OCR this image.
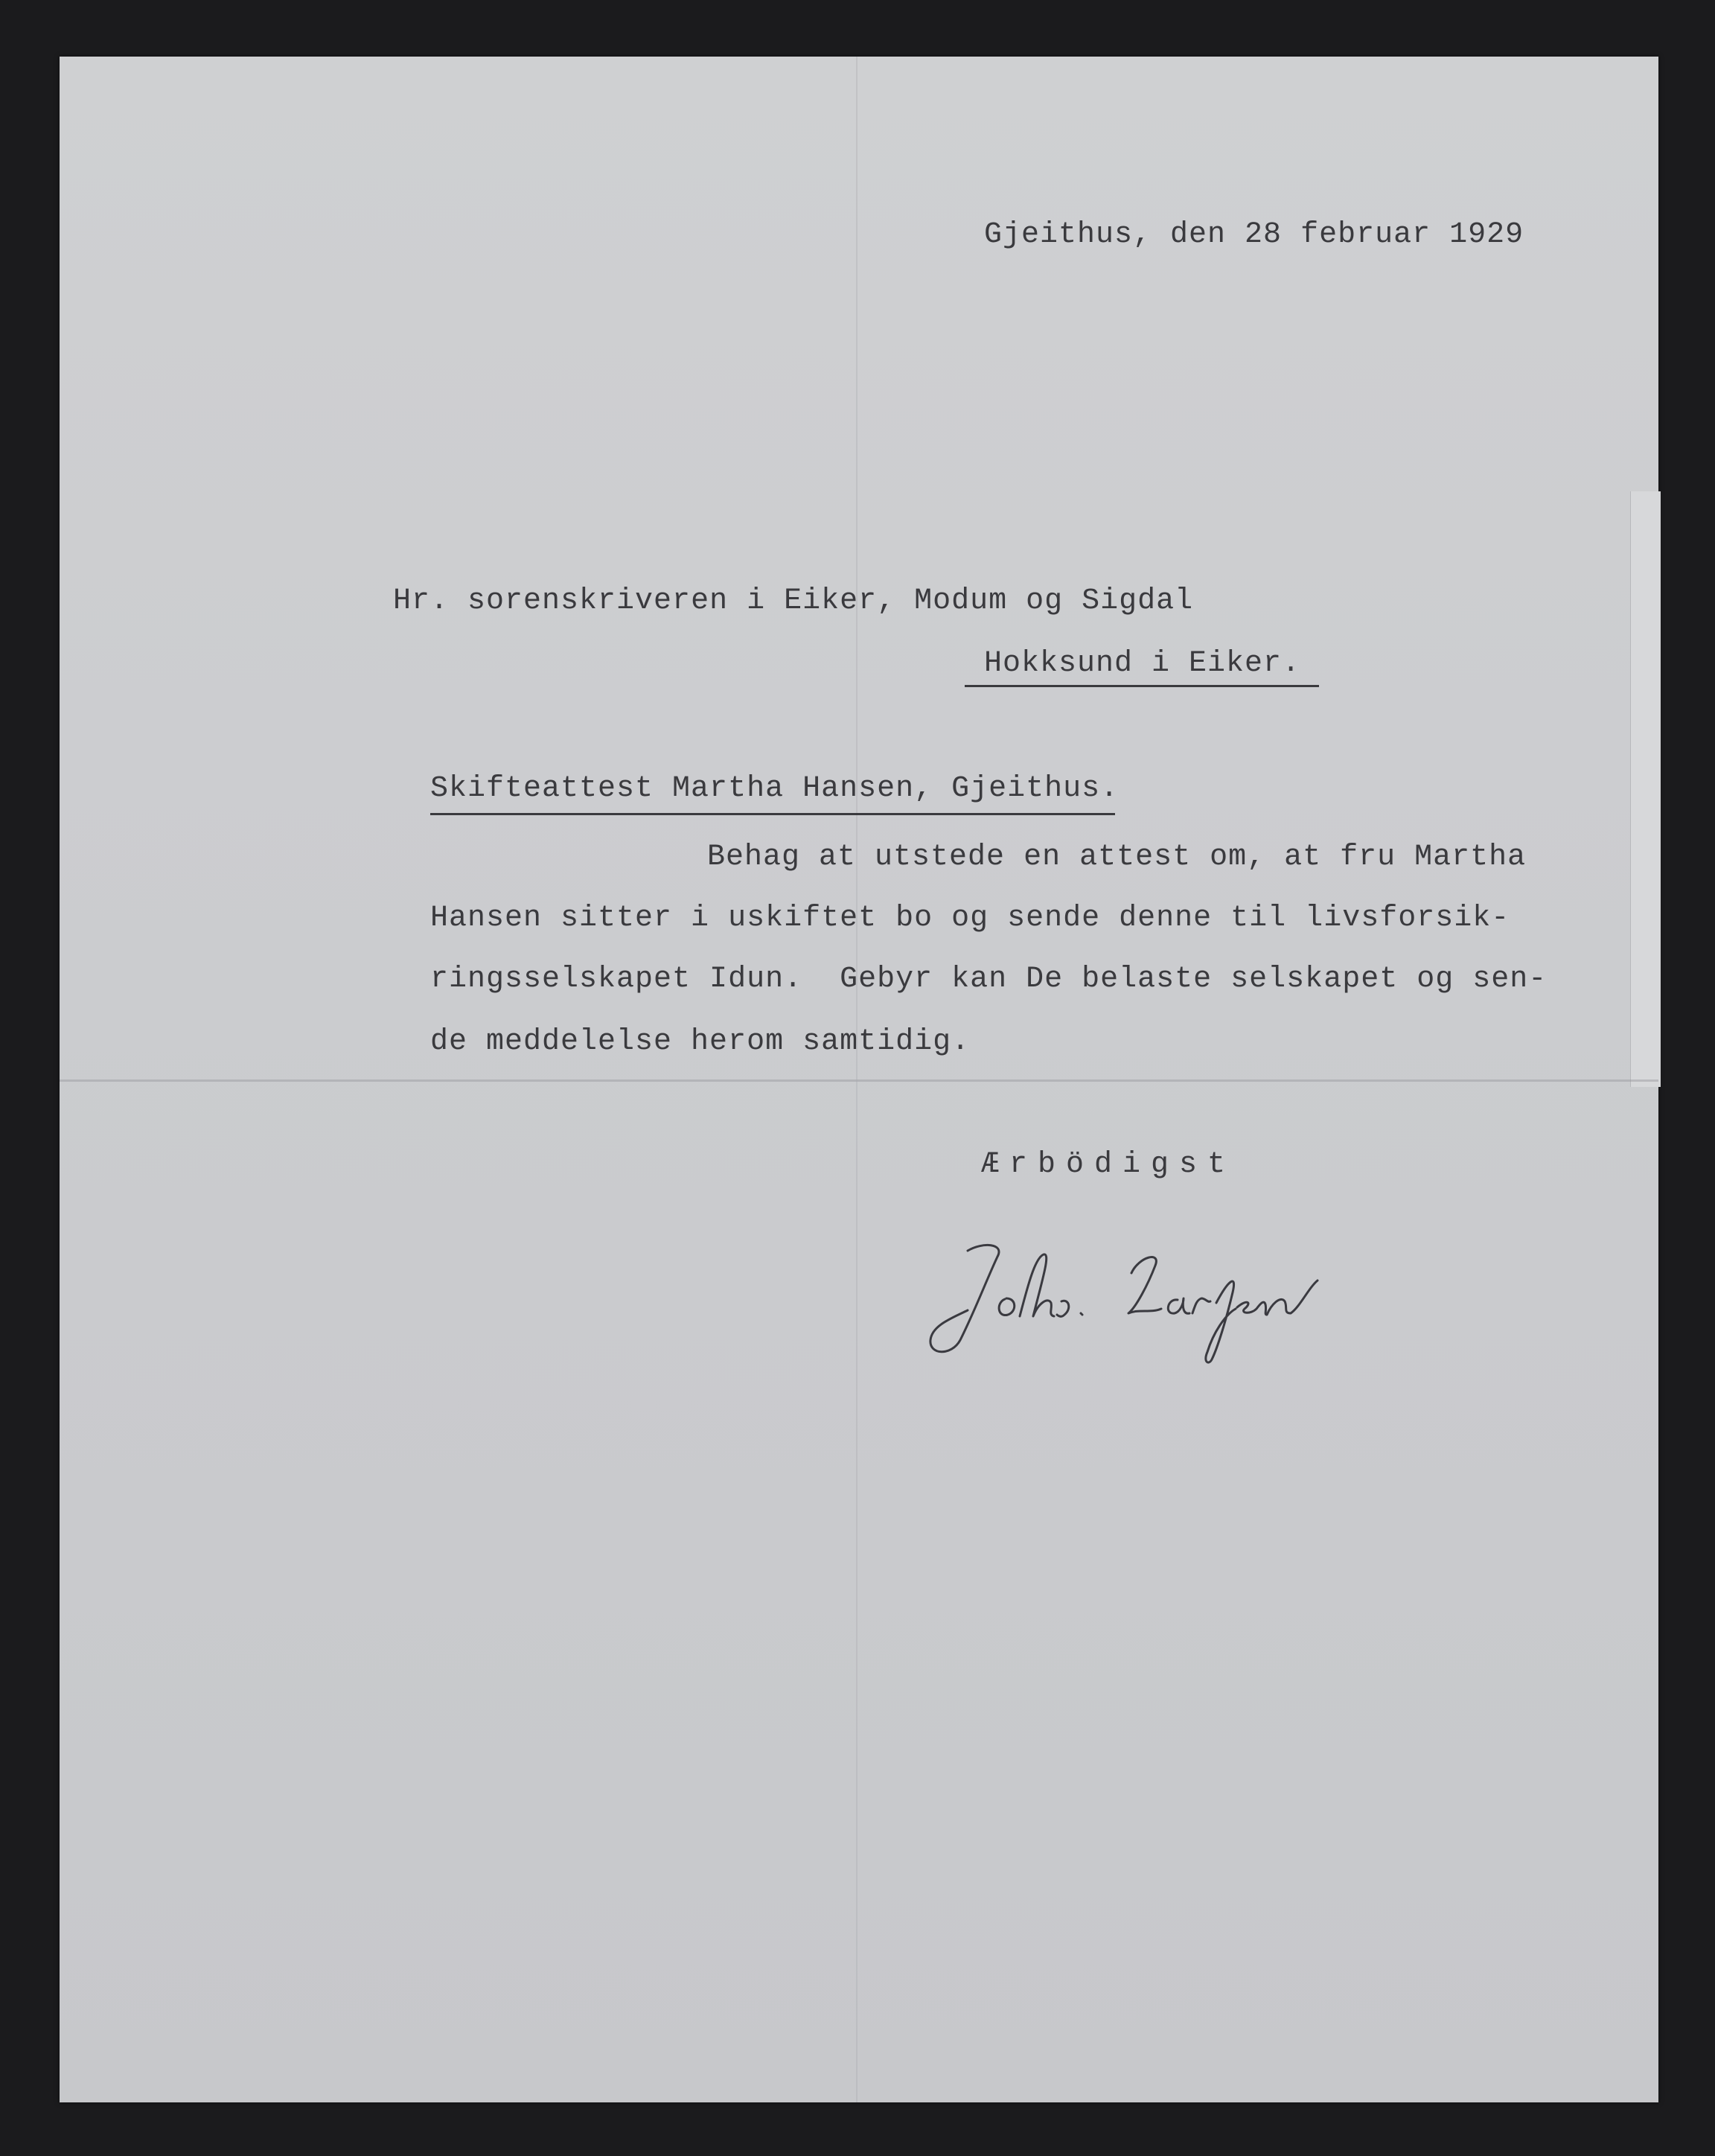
Gjeithus, den 28 februar 1929
Hr. sorenskriveren i Eiker, Modum og Sigdal
Hokksund i Eiker.
Skifteattest Martha Hansen, Gjeithus.
Behag at utstede en attest om, at fru Martha
Hansen sitter i uskiftet bo og sende denne til livsforsik-
ringsselskapet Idun.  Gebyr kan De belaste selskapet og sen-
de meddelelse herom samtidig.
Ærbödigst
